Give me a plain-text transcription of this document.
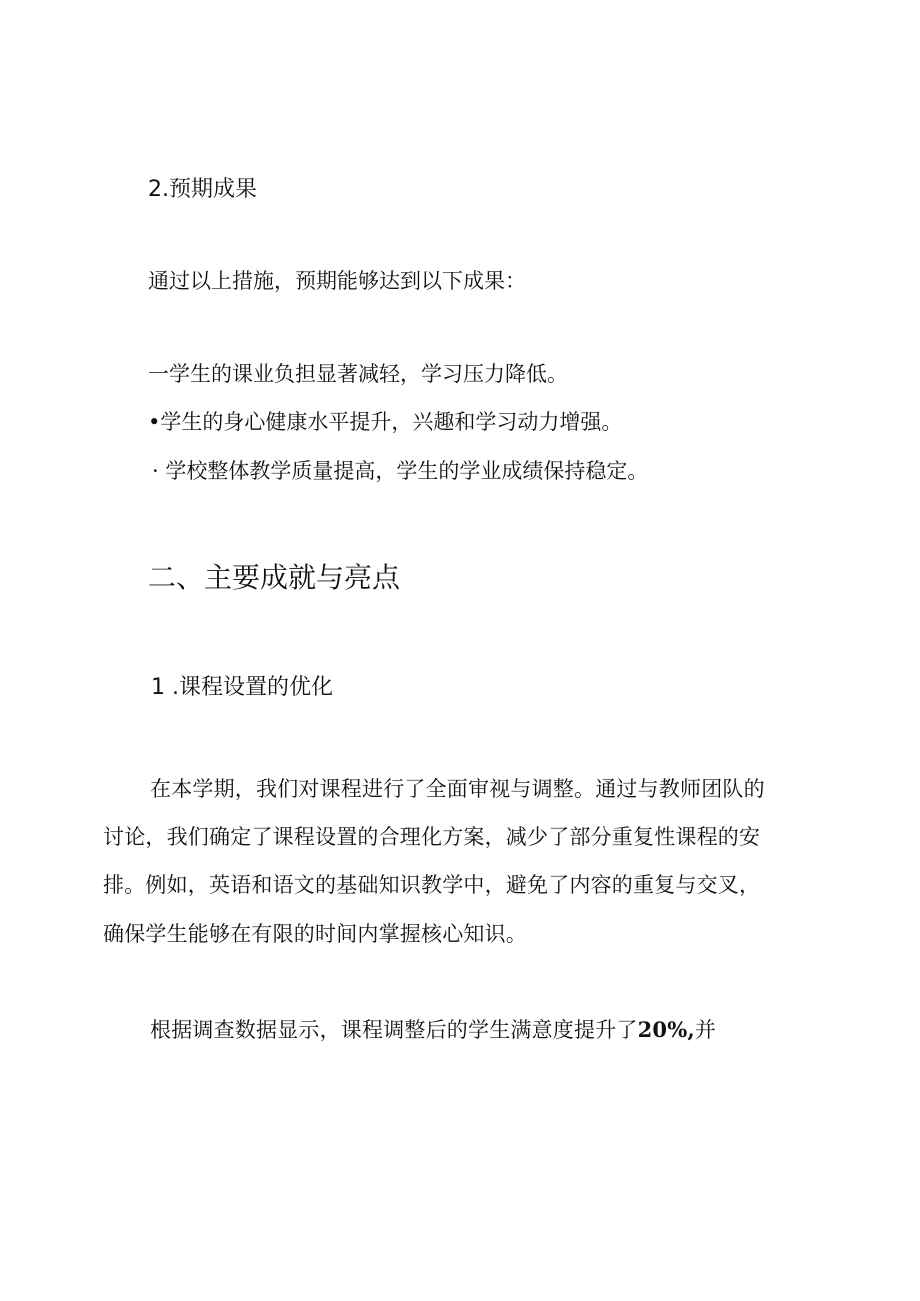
2.预期成果
通过以上措施，预期能够达到以下成果：
一学生的课业负担显著减轻，学习压力降低。
•学生的身心健康水平提升，兴趣和学习动力增强。
· 学校整体教学质量提高，学生的学业成绩保持稳定。
二、主要成就与亮点
1 .课程设置的优化
在本学期，我们对课程进行了全面审视与调整。通过与教师团队的
讨论，我们确定了课程设置的合理化方案，减少了部分重复性课程的安
排。例如，英语和语文的基础知识教学中，避免了内容的重复与交叉，
确保学生能够在有限的时间内掌握核心知识。
根据调查数据显示，课程调整后的学生满意度提升了20%,并
